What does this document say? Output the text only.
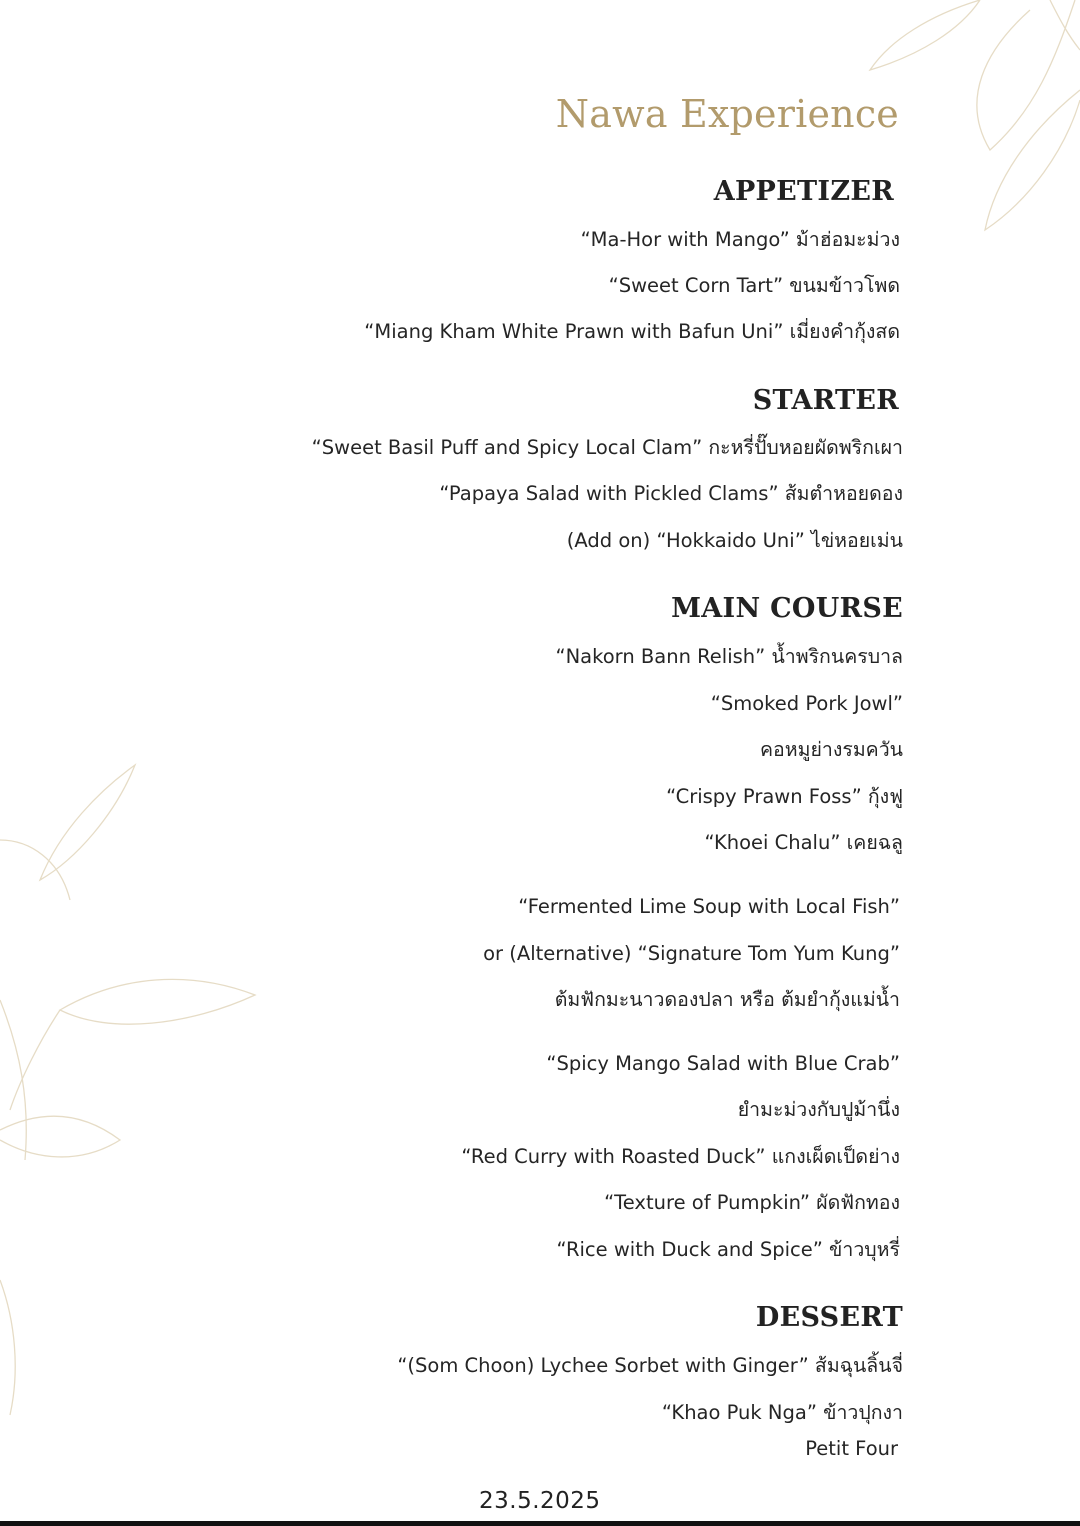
Nawa Experience
APPETIZER
“Ma-Hor with Mango” ม้าฮ่อมะม่วง
“Sweet Corn Tart” ขนมข้าวโพด
“Miang Kham White Prawn with Bafun Uni” เมี่ยงคำกุ้งสด
STARTER
“Sweet Basil Puff and Spicy Local Clam” กะหรี่ปั๊บหอยผัดพริกเผา
“Papaya Salad with Pickled Clams” ส้มตำหอยดอง
(Add on) “Hokkaido Uni” ไข่หอยเม่น
MAIN COURSE
“Nakorn Bann Relish” น้ำพริกนครบาล
“Smoked Pork Jowl”
คอหมูย่างรมควัน
“Crispy Prawn Foss” กุ้งฟู
“Khoei Chalu” เคยฉลู
“Fermented Lime Soup with Local Fish”
or (Alternative) “Signature Tom Yum Kung”
ต้มฟักมะนาวดองปลา หรือ ต้มยำกุ้งแม่น้ำ
“Spicy Mango Salad with Blue Crab”
ยำมะม่วงกับปูม้านึ่ง
“Red Curry with Roasted Duck” แกงเผ็ดเป็ดย่าง
“Texture of Pumpkin” ผัดฟักทอง
“Rice with Duck and Spice” ข้าวบุหรี่
DESSERT
“(Som Choon) Lychee Sorbet with Ginger” ส้มฉุนลิ้นจี่
“Khao Puk Nga” ข้าวปุกงา
Petit Four
23.5.2025
